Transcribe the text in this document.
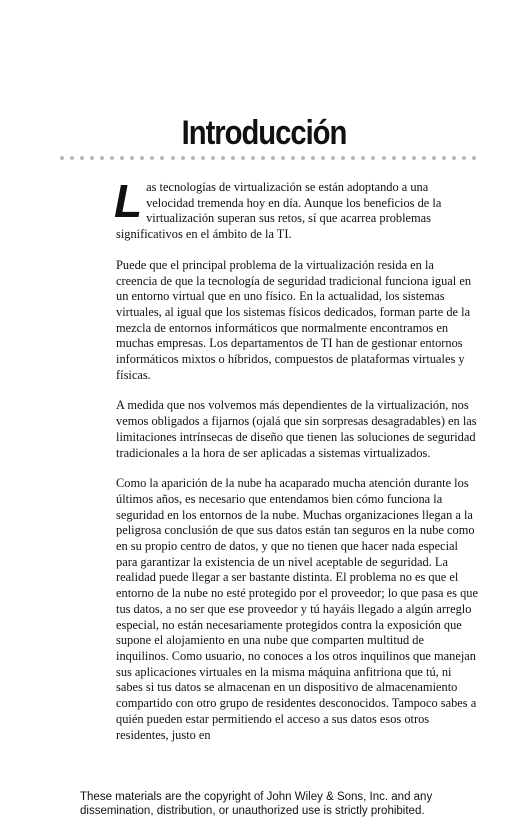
Introducción

Las tecnologías de virtualización se están adoptando a una velocidad tremenda hoy en día. Aunque los beneficios de la virtualización superan sus retos, sí que acarrea problemas significativos en el ámbito de la TI.

Puede que el principal problema de la virtualización resida en la creencia de que la tecnología de seguridad tradicional funciona igual en un entorno virtual que en uno físico. En la actualidad, los sistemas virtuales, al igual que los sistemas físicos dedicados, forman parte de la mezcla de entornos informáticos que normalmente encontramos en muchas empresas. Los departamentos de TI han de gestionar entornos informáticos mixtos o híbridos, compuestos de plataformas virtuales y físicas.

A medida que nos volvemos más dependientes de la virtualización, nos vemos obligados a fijarnos (ojalá que sin sorpresas desagradables) en las limitaciones intrínsecas de diseño que tienen las soluciones de seguridad tradicionales a la hora de ser aplicadas a sistemas virtualizados.

Como la aparición de la nube ha acaparado mucha atención durante los últimos años, es necesario que entendamos bien cómo funciona la seguridad en los entornos de la nube. Muchas organizaciones llegan a la peligrosa conclusión de que sus datos están tan seguros en la nube como en su propio centro de datos, y que no tienen que hacer nada especial para garantizar la existencia de un nivel aceptable de seguridad. La realidad puede llegar a ser bastante distinta. El problema no es que el entorno de la nube no esté protegido por el proveedor; lo que pasa es que tus datos, a no ser que ese proveedor y tú hayáis llegado a algún arreglo especial, no están necesariamente protegidos contra la exposición que supone el alojamiento en una nube que comparten multitud de inquilinos. Como usuario, no conoces a los otros inquilinos que manejan sus aplicaciones virtuales en la misma máquina anfitriona que tú, ni sabes si tus datos se almacenan en un dispositivo de almacenamiento compartido con otro grupo de residentes desconocidos. Tampoco sabes a quién pueden estar permitiendo el acceso a sus datos esos otros residentes, justo en

These materials are the copyright of John Wiley & Sons, Inc. and any dissemination, distribution, or unauthorized use is strictly prohibited.
